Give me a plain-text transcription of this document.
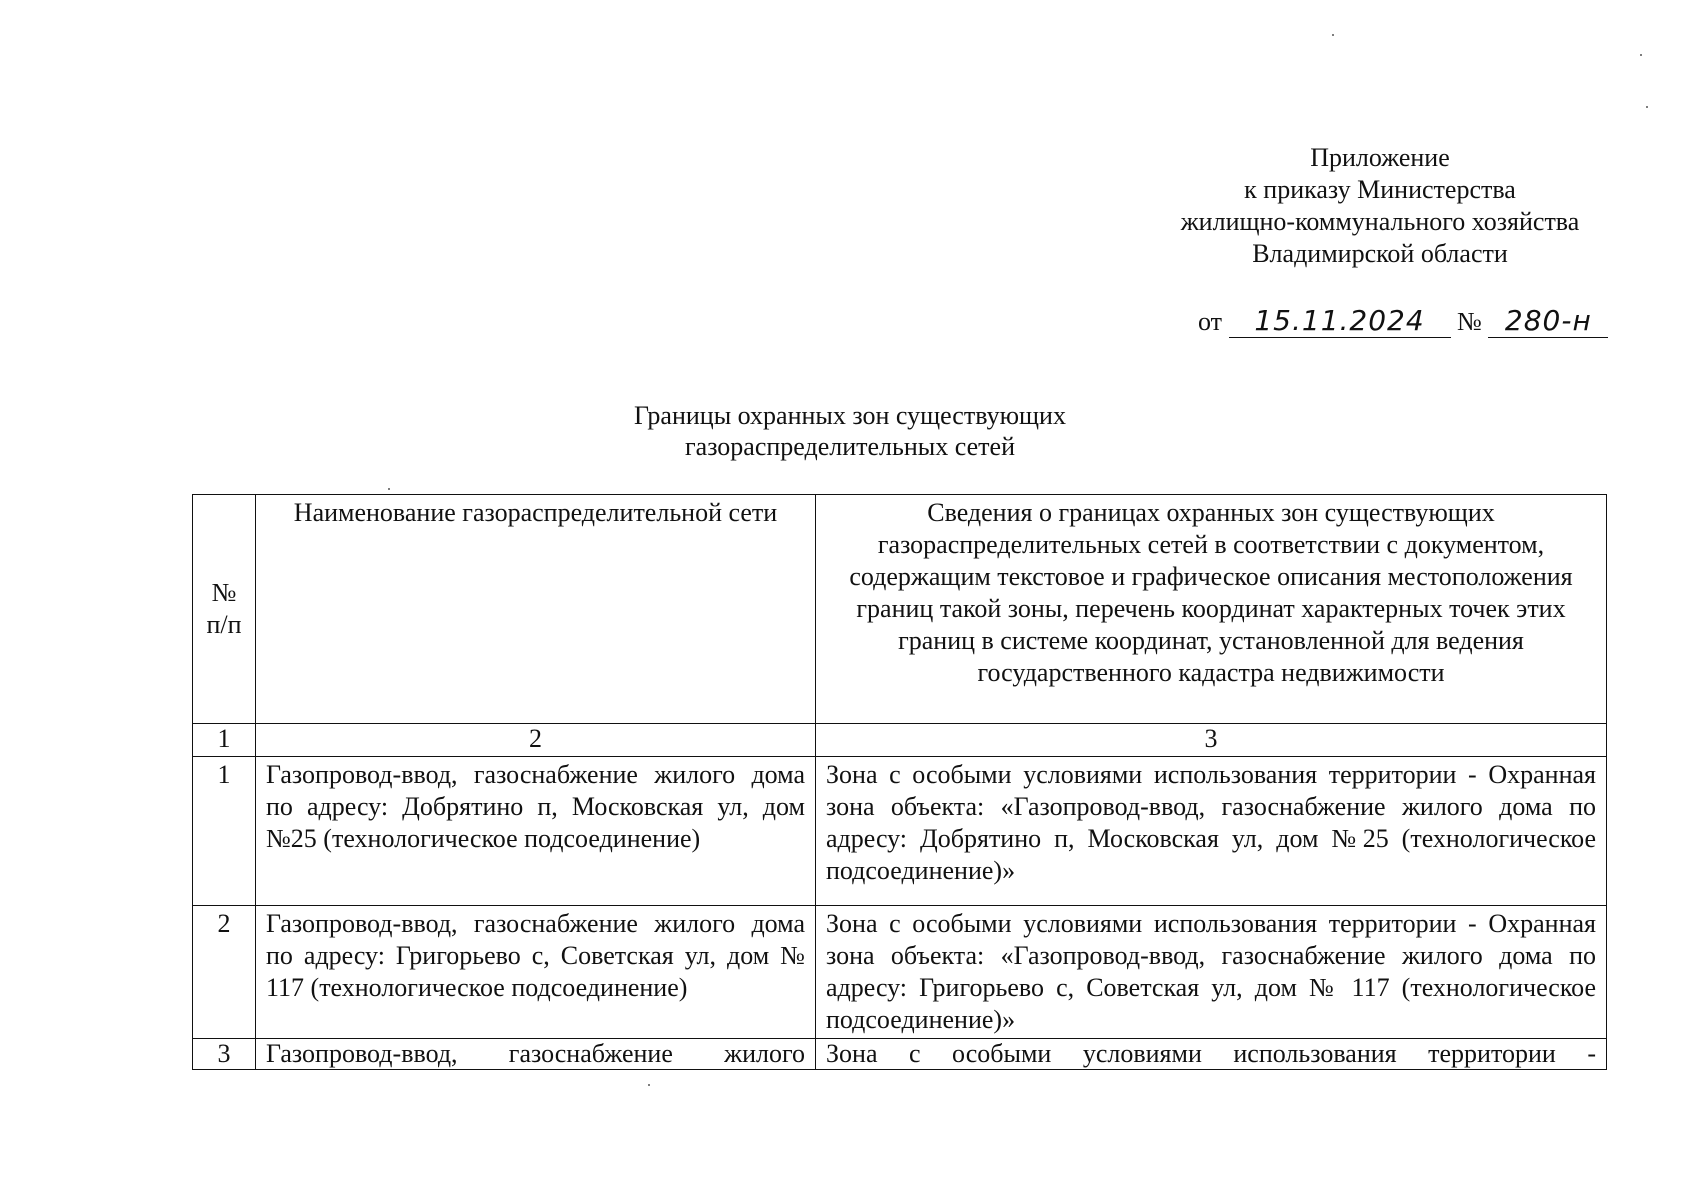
Приложение
к приказу Министерства
жилищно-коммунального хозяйства
Владимирской области
от 15.11.2024 № 280-н
Границы охранных зон существующих
газораспределительных сетей
№ п/п	Наименование газораспределительной сети	Сведения о границах охранных зон существующих газораспределительных сетей в соответствии с документом, содержащим текстовое и графическое описания местоположения границ такой зоны, перечень координат характерных точек этих границ в системе координат, установленной для ведения государственного кадастра недвижимости
1	2	3
1	Газопровод-ввод, газоснабжение жилого дома по адресу: Добрятино п, Московская ул, дом №25 (технологическое подсоединение)	Зона с особыми условиями использования территории - Охранная зона объекта: «Газопровод-ввод, газоснабжение жилого дома по адресу: Добрятино п, Московская ул, дом №25 (технологическое подсоединение)»
2	Газопровод-ввод, газоснабжение жилого дома по адресу: Григорьево с, Советская ул, дом № 117 (технологическое подсоединение)	Зона с особыми условиями использования территории - Охранная зона объекта: «Газопровод-ввод, газоснабжение жилого дома по адресу: Григорьево с, Советская ул, дом № 117 (технологическое подсоединение)»
3	Газопровод-ввод, газоснабжение жилого	Зона с особыми условиями использования территории -
